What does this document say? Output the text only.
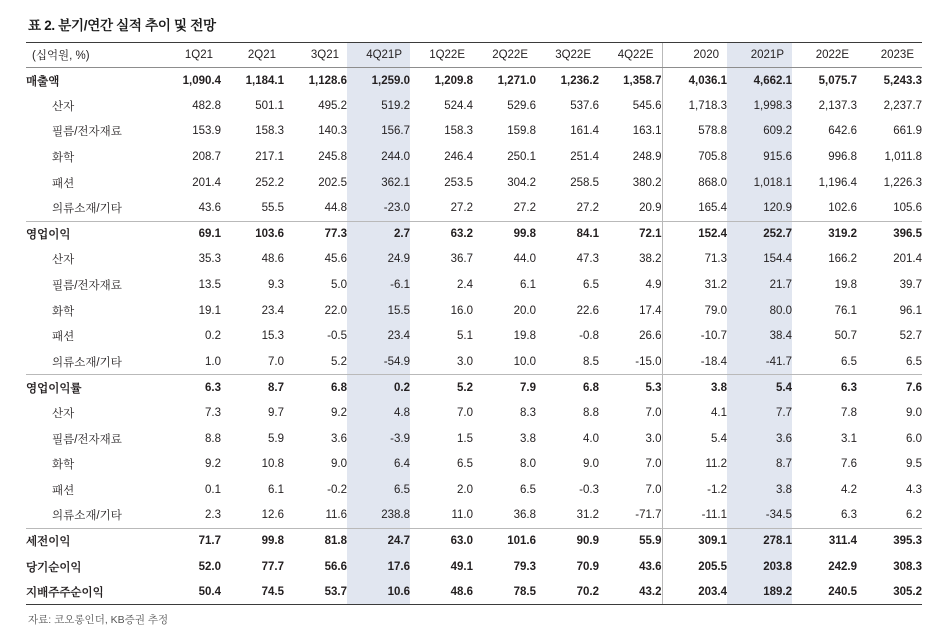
표 2. 분기/연간 실적 추이 및 전망
(십억원, %)	1Q21	2Q21	3Q21	4Q21P	1Q22E	2Q22E	3Q22E	4Q22E	2020	2021P	2022E	2023E
매출액	1,090.4	1,184.1	1,128.6	1,259.0	1,209.8	1,271.0	1,236.2	1,358.7	4,036.1	4,662.1	5,075.7	5,243.3
산자	482.8	501.1	495.2	519.2	524.4	529.6	537.6	545.6	1,718.3	1,998.3	2,137.3	2,237.7
필름/전자재료	153.9	158.3	140.3	156.7	158.3	159.8	161.4	163.1	578.8	609.2	642.6	661.9
화학	208.7	217.1	245.8	244.0	246.4	250.1	251.4	248.9	705.8	915.6	996.8	1,011.8
패션	201.4	252.2	202.5	362.1	253.5	304.2	258.5	380.2	868.0	1,018.1	1,196.4	1,226.3
의류소재/기타	43.6	55.5	44.8	-23.0	27.2	27.2	27.2	20.9	165.4	120.9	102.6	105.6
영업이익	69.1	103.6	77.3	2.7	63.2	99.8	84.1	72.1	152.4	252.7	319.2	396.5
산자	35.3	48.6	45.6	24.9	36.7	44.0	47.3	38.2	71.3	154.4	166.2	201.4
필름/전자재료	13.5	9.3	5.0	-6.1	2.4	6.1	6.5	4.9	31.2	21.7	19.8	39.7
화학	19.1	23.4	22.0	15.5	16.0	20.0	22.6	17.4	79.0	80.0	76.1	96.1
패션	0.2	15.3	-0.5	23.4	5.1	19.8	-0.8	26.6	-10.7	38.4	50.7	52.7
의류소재/기타	1.0	7.0	5.2	-54.9	3.0	10.0	8.5	-15.0	-18.4	-41.7	6.5	6.5
영업이익률	6.3	8.7	6.8	0.2	5.2	7.9	6.8	5.3	3.8	5.4	6.3	7.6
산자	7.3	9.7	9.2	4.8	7.0	8.3	8.8	7.0	4.1	7.7	7.8	9.0
필름/전자재료	8.8	5.9	3.6	-3.9	1.5	3.8	4.0	3.0	5.4	3.6	3.1	6.0
화학	9.2	10.8	9.0	6.4	6.5	8.0	9.0	7.0	11.2	8.7	7.6	9.5
패션	0.1	6.1	-0.2	6.5	2.0	6.5	-0.3	7.0	-1.2	3.8	4.2	4.3
의류소재/기타	2.3	12.6	11.6	238.8	11.0	36.8	31.2	-71.7	-11.1	-34.5	6.3	6.2
세전이익	71.7	99.8	81.8	24.7	63.0	101.6	90.9	55.9	309.1	278.1	311.4	395.3
당기순이익	52.0	77.7	56.6	17.6	49.1	79.3	70.9	43.6	205.5	203.8	242.9	308.3
지배주주순이익	50.4	74.5	53.7	10.6	48.6	78.5	70.2	43.2	203.4	189.2	240.5	305.2
자료: 코오롱인더, KB증권 추정
